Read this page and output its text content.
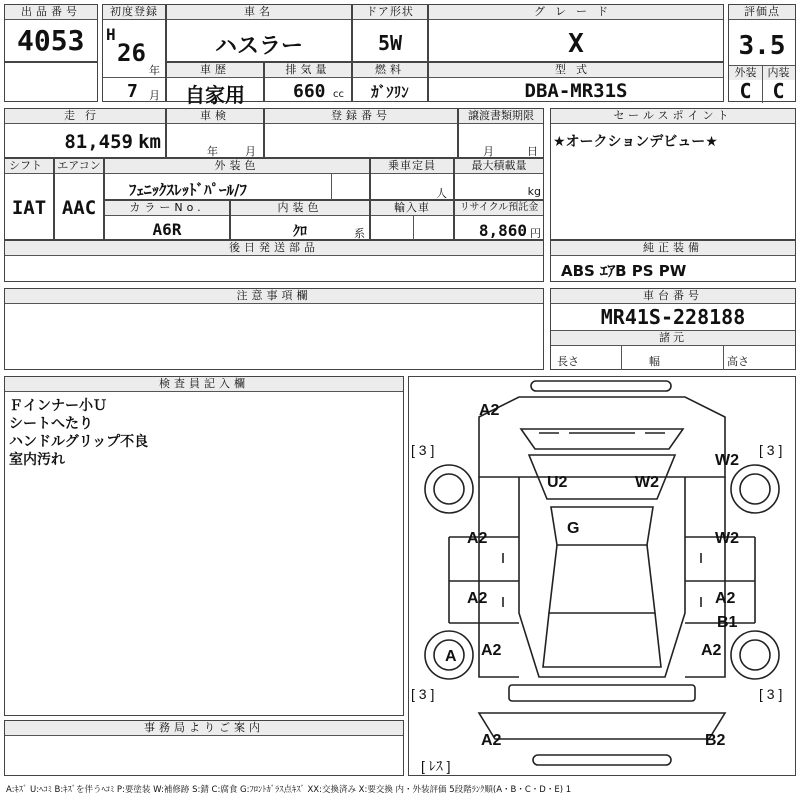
出品番号
4053
初度登録
H
26
年
7 月
車名
ハスラー
ドア形状
5W
グレード
X
評価点
3.5
外装	内装
C	C
車歴
自家用
排気量
660 cc
燃料
ｶﾞｿﾘﾝ
型式
DBA-MR31S
走行
81,459 km
車検
年 月
登録番号	譲渡書類期限
月	日
セールスポイント
★オークションデビュー★
シフト
IAT
エアコン
AAC
外装色
ﾌｪﾆｯｸｽﾚｯﾄﾞﾊﾟｰﾙ/ﾌ
乗車定員
人
最大積載量
kg
カラーNo.
A6R
内装色
ｸﾛ	系
輸入車	リサイクル預託金
8,860 円
後日発送部品	純正装備
ABS ｴｱB PS PW
注意事項欄	車台番号
MR41S-228188
諸元
長さ	幅	高さ
検査員記入欄
Ｆインナー小Ｕ
シートへたり
ハンドルグリップ不良
室内汚れ
事務局よりご案内
[ 3 ]	[ 3 ]
[ 3 ]	[ 3 ]
[ ﾚｽ ]
A2
U2	W2
W2
G
A2	W2
A2	A2
B1
A A2	A2
A2	B2
A:ｷｽﾞ U:ﾍｺﾐ B:ｷｽﾞを伴うﾍｺﾐ P:要塗装 W:補修跡 S:錆 C:腐食 G:ﾌﾛﾝﾄｶﾞﾗｽ点ｷｽﾞ XX:交換済み X:要交換 内・外装評価 5段階ﾗﾝｸ順(A・B・C・D・E) 1
